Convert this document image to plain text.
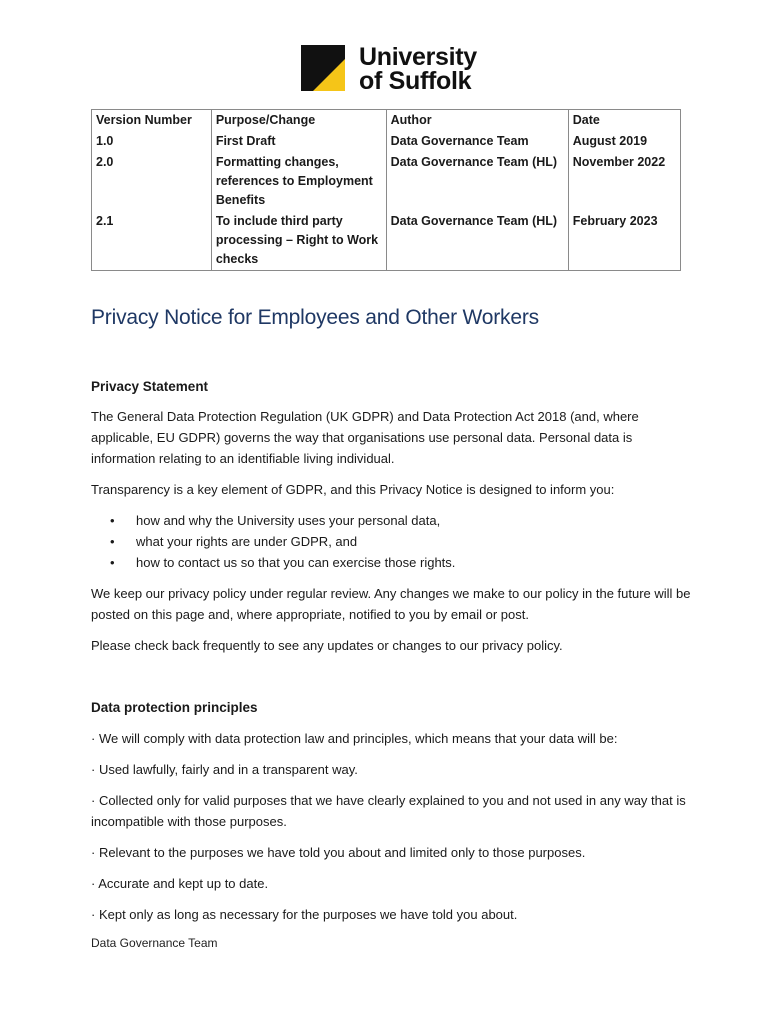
University
of Suffolk
Version Number	Purpose/Change	Author	Date
1.0	First Draft	Data Governance Team	August 2019
2.0	Formatting changes, references to Employment Benefits	Data Governance Team (HL)	November 2022
2.1	To include third party processing – Right to Work checks	Data Governance Team (HL)	February 2023
Privacy Notice for Employees and Other Workers
Privacy Statement

The General Data Protection Regulation (UK GDPR) and Data Protection Act 2018 (and, where applicable, EU GDPR) governs the way that organisations use personal data. Personal data is information relating to an identifiable living individual.

Transparency is a key element of GDPR, and this Privacy Notice is designed to inform you:

• how and why the University uses your personal data,
• what your rights are under GDPR, and
• how to contact us so that you can exercise those rights.

We keep our privacy policy under regular review. Any changes we make to our policy in the future will be posted on this page and, where appropriate, notified to you by email or post.

Please check back frequently to see any updates or changes to our privacy policy.

Data protection principles

· We will comply with data protection law and principles, which means that your data will be:

· Used lawfully, fairly and in a transparent way.

· Collected only for valid purposes that we have clearly explained to you and not used in any way that is incompatible with those purposes.

· Relevant to the purposes we have told you about and limited only to those purposes.

· Accurate and kept up to date.

· Kept only as long as necessary for the purposes we have told you about.

Data Governance Team
